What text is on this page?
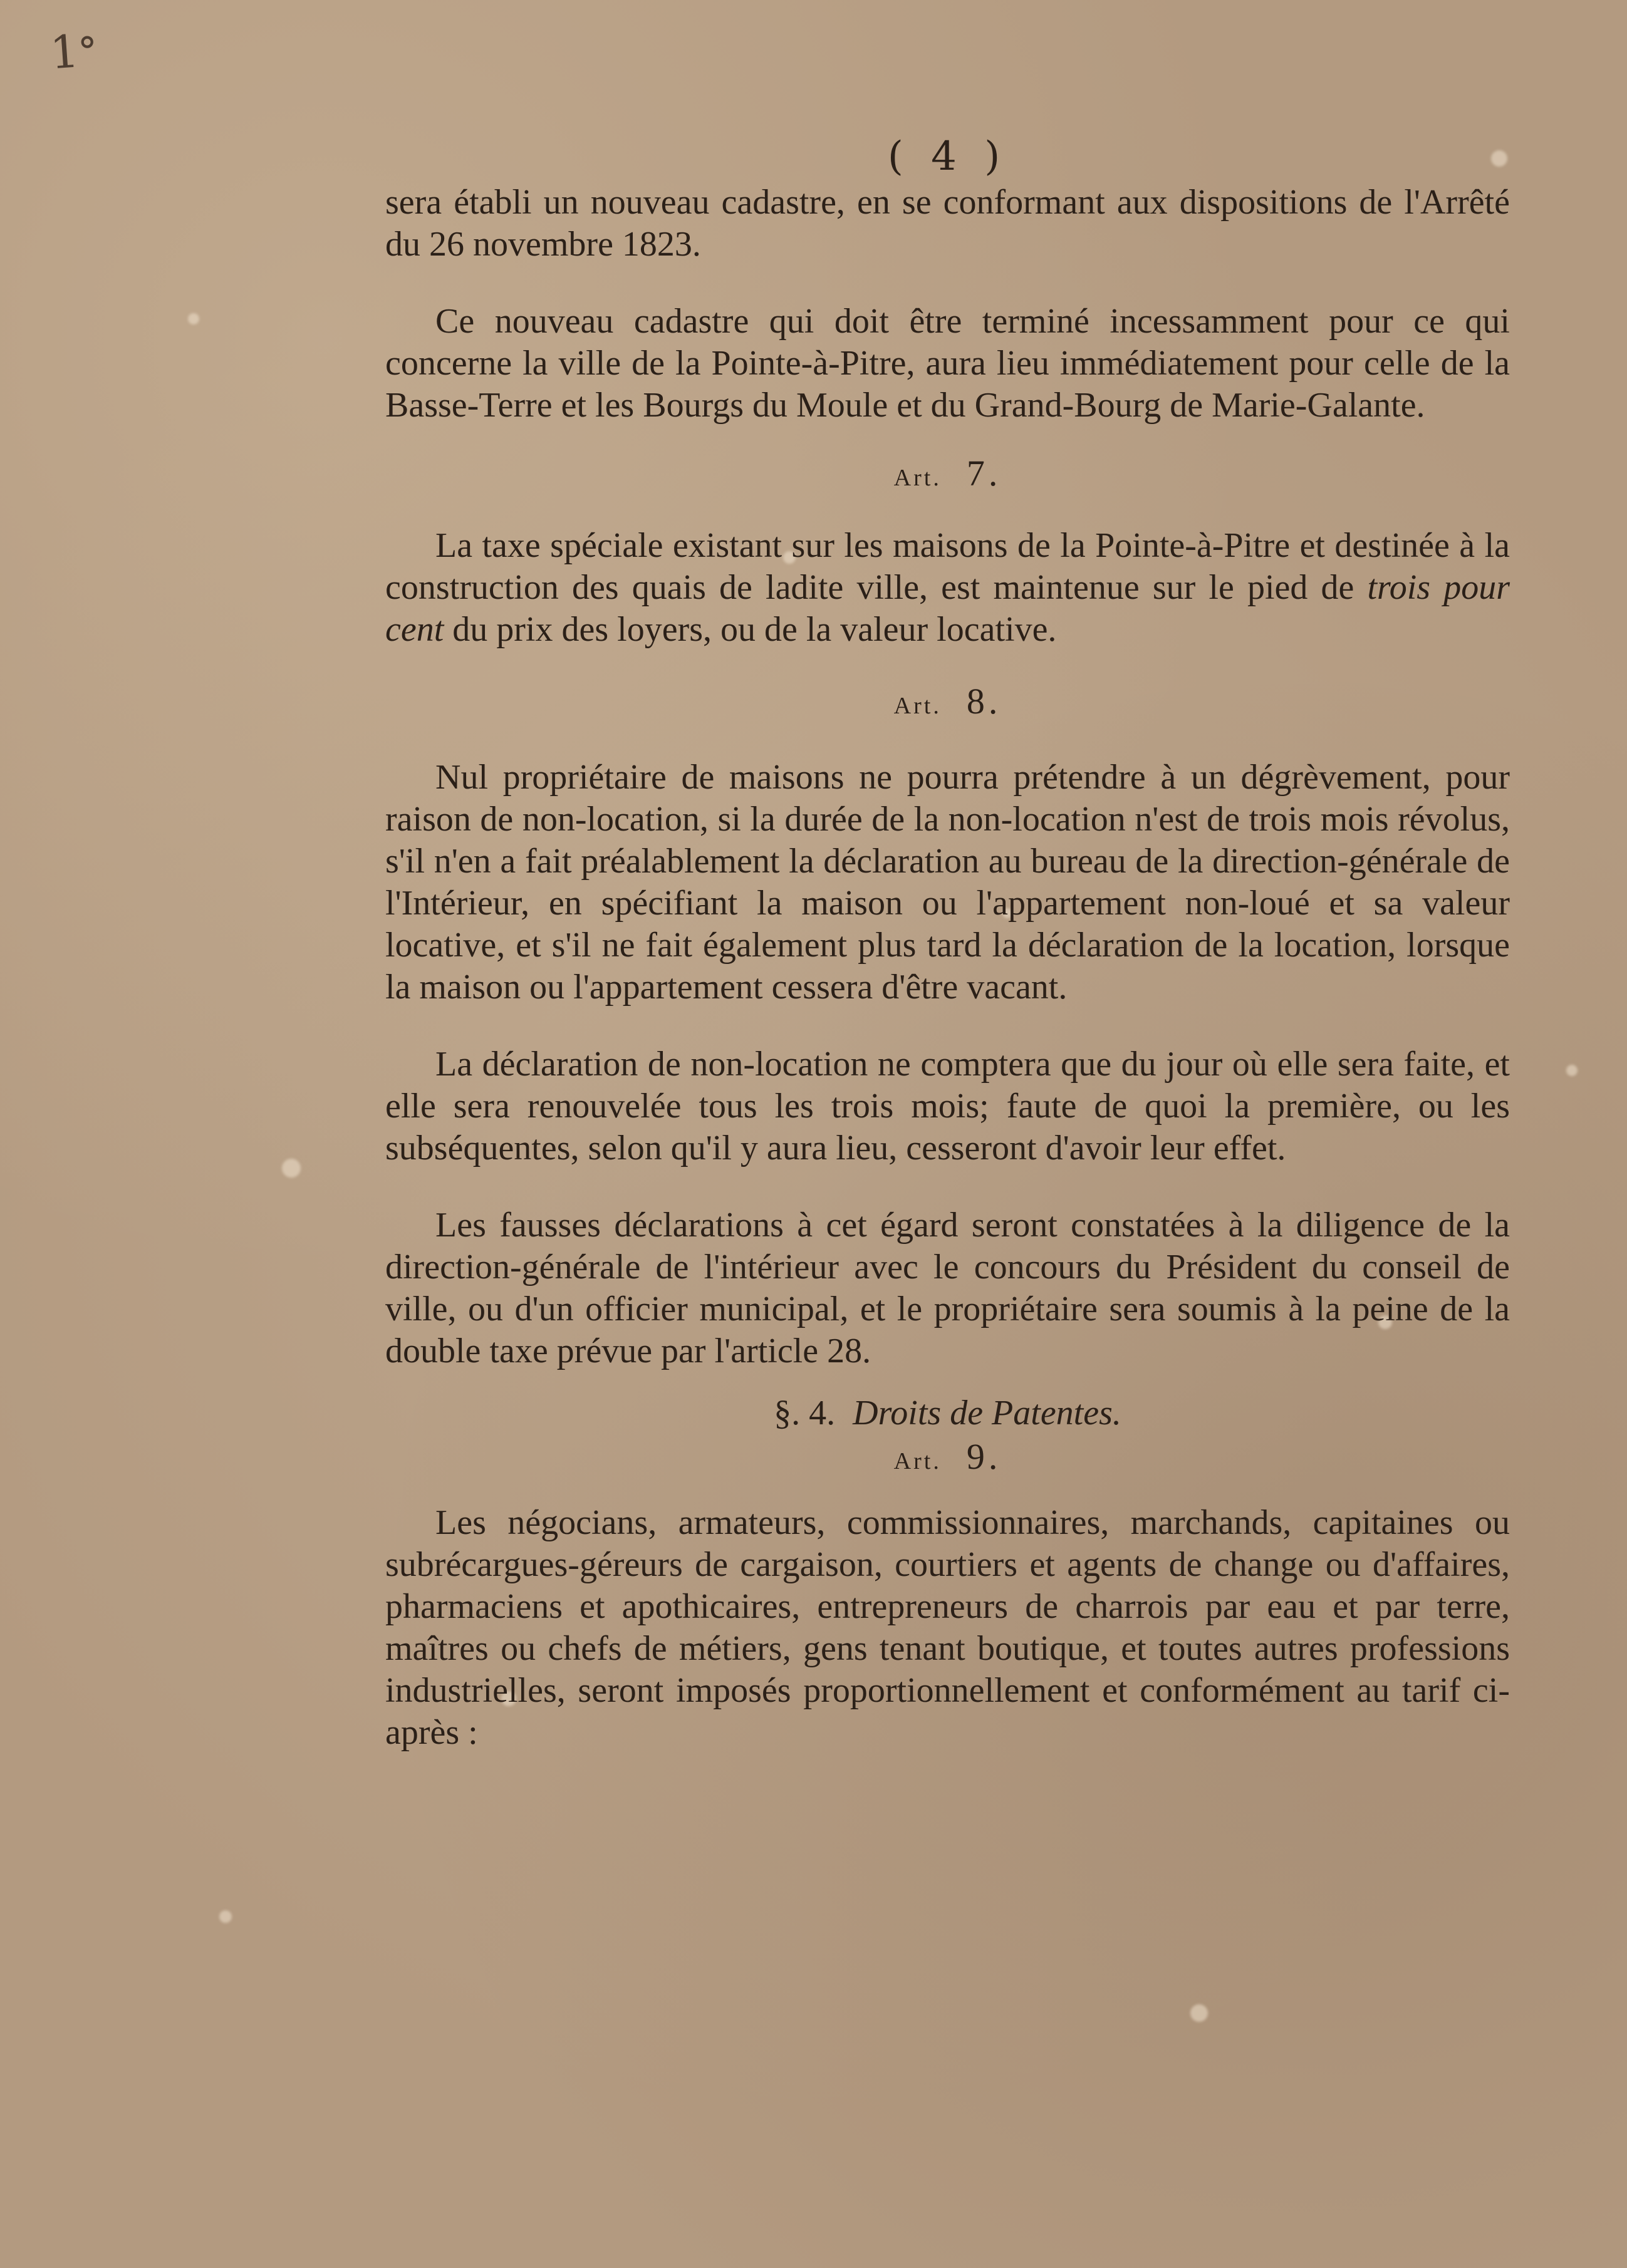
1ᐤ
( 4 )

sera établi un nouveau cadastre, en se conformant aux dispositions de l'Arrêté du 26 novembre 1823.

Ce nouveau cadastre qui doit être terminé incessamment pour ce qui concerne la ville de la Pointe-à-Pitre, aura lieu immédiatement pour celle de la Basse-Terre et les Bourgs du Moule et du Grand-Bourg de Marie-Galante.

Art. 7.

La taxe spéciale existant sur les maisons de la Pointe-à-Pitre et destinée à la construction des quais de ladite ville, est maintenue sur le pied de trois pour cent du prix des loyers, ou de la valeur locative.

Art. 8.

Nul propriétaire de maisons ne pourra prétendre à un dégrèvement, pour raison de non-location, si la durée de la non-location n'est de trois mois révolus, s'il n'en a fait préalablement la déclaration au bureau de la direction-générale de l'Intérieur, en spécifiant la maison ou l'appartement non-loué et sa valeur locative, et s'il ne fait également plus tard la déclaration de la location, lorsque la maison ou l'appartement cessera d'être vacant.

La déclaration de non-location ne comptera que du jour où elle sera faite, et elle sera renouvelée tous les trois mois; faute de quoi la première, ou les subséquentes, selon qu'il y aura lieu, cesseront d'avoir leur effet.

Les fausses déclarations à cet égard seront constatées à la diligence de la direction-générale de l'intérieur avec le concours du Président du conseil de ville, ou d'un officier municipal, et le propriétaire sera soumis à la peine de la double taxe prévue par l'article 28.

§. 4. Droits de Patentes.
Art. 9.

Les négocians, armateurs, commissionnaires, marchands, capitaines ou subrécargues-géreurs de cargaison, courtiers et agents de change ou d'affaires, pharmaciens et apothicaires, entrepreneurs de charrois par eau et par terre, maîtres ou chefs de métiers, gens tenant boutique, et toutes autres professions industrielles, seront imposés proportionnellement et conformément au tarif ci-après :
